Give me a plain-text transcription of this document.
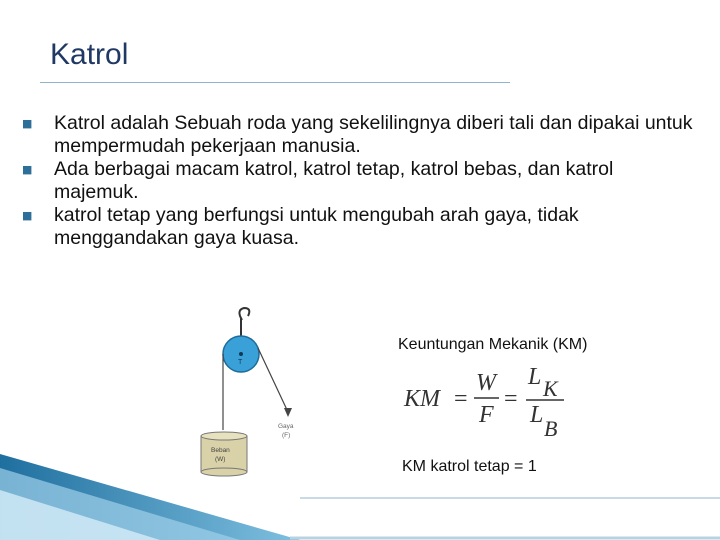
Katrol
■ Katrol adalah Sebuah roda yang sekelilingnya diberi tali dan dipakai untuk mempermudah pekerjaan manusia.
■ Ada berbagai macam katrol, katrol tetap, katrol bebas, dan katrol majemuk.
■ katrol tetap yang berfungsi untuk mengubah arah gaya, tidak menggandakan gaya kuasa.
T
Gaya
(F)
Beban
(W)
Keuntungan Mekanik (KM)
KM =
W
F
=
L K
L
B
KM katrol tetap = 1
